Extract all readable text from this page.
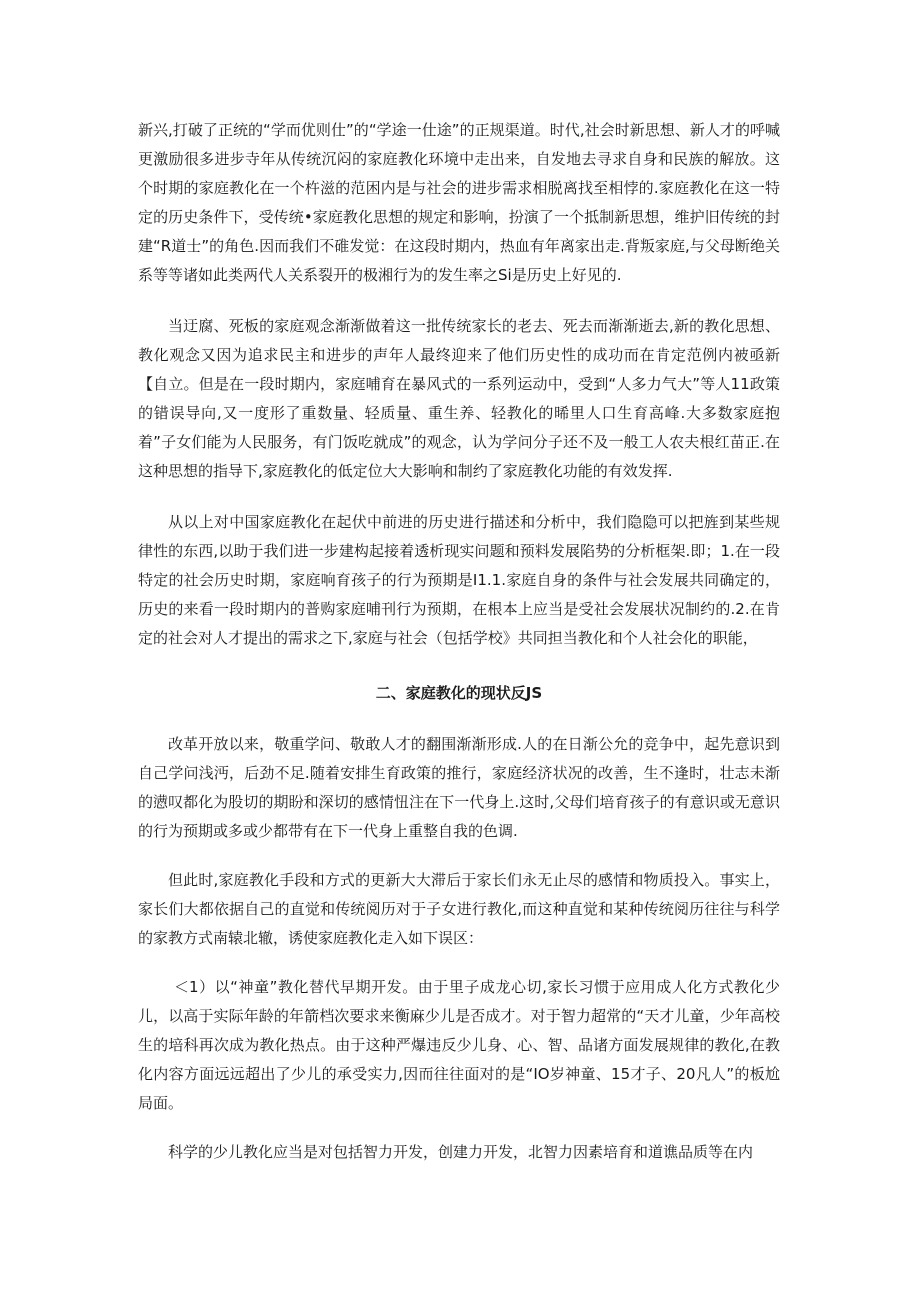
新兴,打破了正统的“学而优则仕”的“学途一仕途”的正规渠道。时代,社会时新思想、新人才的呼喊更激励很多进步寺年从传统沉闷的家庭教化环境中走出来，自发地去寻求自身和民族的解放。这个时期的家庭教化在一个杵滋的范困内是与社会的进步需求相脱离找至相悖的.家庭教化在这一特定的历史条件下，受传统•家庭教化思想的规定和影响，扮演了一个抵制新思想，维护旧传统的封建“R道士”的角色.因而我们不碓发觉：在这段时期内，热血有年离家出走.背叛家庭,与父母断绝关系等等诸如此类两代人关系裂开的极湘行为的发生率之Si是历史上好见的.

当迂腐、死板的家庭观念渐渐做着这一批传统家长的老去、死去而渐渐逝去,新的教化思想、教化观念又因为追求民主和进步的声年人最终迎来了他们历史性的成功而在肯定范例内被亟新【自立。但是在一段时期内，家庭哺育在暴风式的一系列运动中，受到“人多力气大”等人11政策的错误导向,又一度形了重数量、轻质量、重生养、轻教化的晞里人口生育高峰.大多数家庭抱着”子女们能为人民服务，有门饭吃就成”的观念，认为学问分子还不及一般工人农夫根红苗正.在这种思想的指导下,家庭教化的低定位大大影响和制约了家庭教化功能的有效发挥.

从以上对中国家庭教化在起伏中前进的历史进行描述和分析中，我们隐隐可以把旌到某些规律性的东西,以助于我们进一步建构起接着透析现实问题和预料发展陷势的分析框架.即；1.在一段特定的社会历史时期，家庭响育孩子的行为预期是I1.1.家庭自身的条件与社会发展共同确定的，历史的来看一段时期内的普购家庭哺刊行为预期，在根本上应当是受社会发展状况制约的.2.在肯定的社会对人才提出的需求之下,家庭与社会（包括学校》共同担当教化和个人社会化的职能，

二、家庭教化的现状反JS

改革开放以来，敬重学问、敬敢人才的翻围渐渐形成.人的在日渐公允的竞争中，起先意识到自己学问浅沔，后劲不足.随着安排生育政策的推行，家庭经济状况的改善，生不逢时，壮志未渐的懑叹都化为股切的期盼和深切的感情忸注在下一代身上.这时,父母们培育孩子的有意识或无意识的行为预期或多或少都带有在下一代身上重整自我的色调.

但此时,家庭教化手段和方式的更新大大滞后于家长们永无止尽的感情和物质投入。事实上，家长们大都依据自己的直觉和传统阅历对于子女进行教化,而这种直觉和某种传统阅历往往与科学的家教方式南辕北辙，诱使家庭教化走入如下误区：

＜1）以“神童”教化替代早期开发。由于里子成龙心切,家长习惯于应用成人化方式教化少儿，以高于实际年龄的年箭档次要求来衡麻少儿是否成才。对于智力超常的“天才儿童，少年高校生的培科再次成为教化热点。由于这种严爆违反少儿身、心、智、品诸方面发展规律的教化,在教化内容方面远远超出了少儿的承受实力,因而往往面对的是“IO岁神童、15才子、20凡人”的板尬局面。

科学的少儿教化应当是对包括智力开发，创建力开发，北智力因素培育和道谯品质等在内
